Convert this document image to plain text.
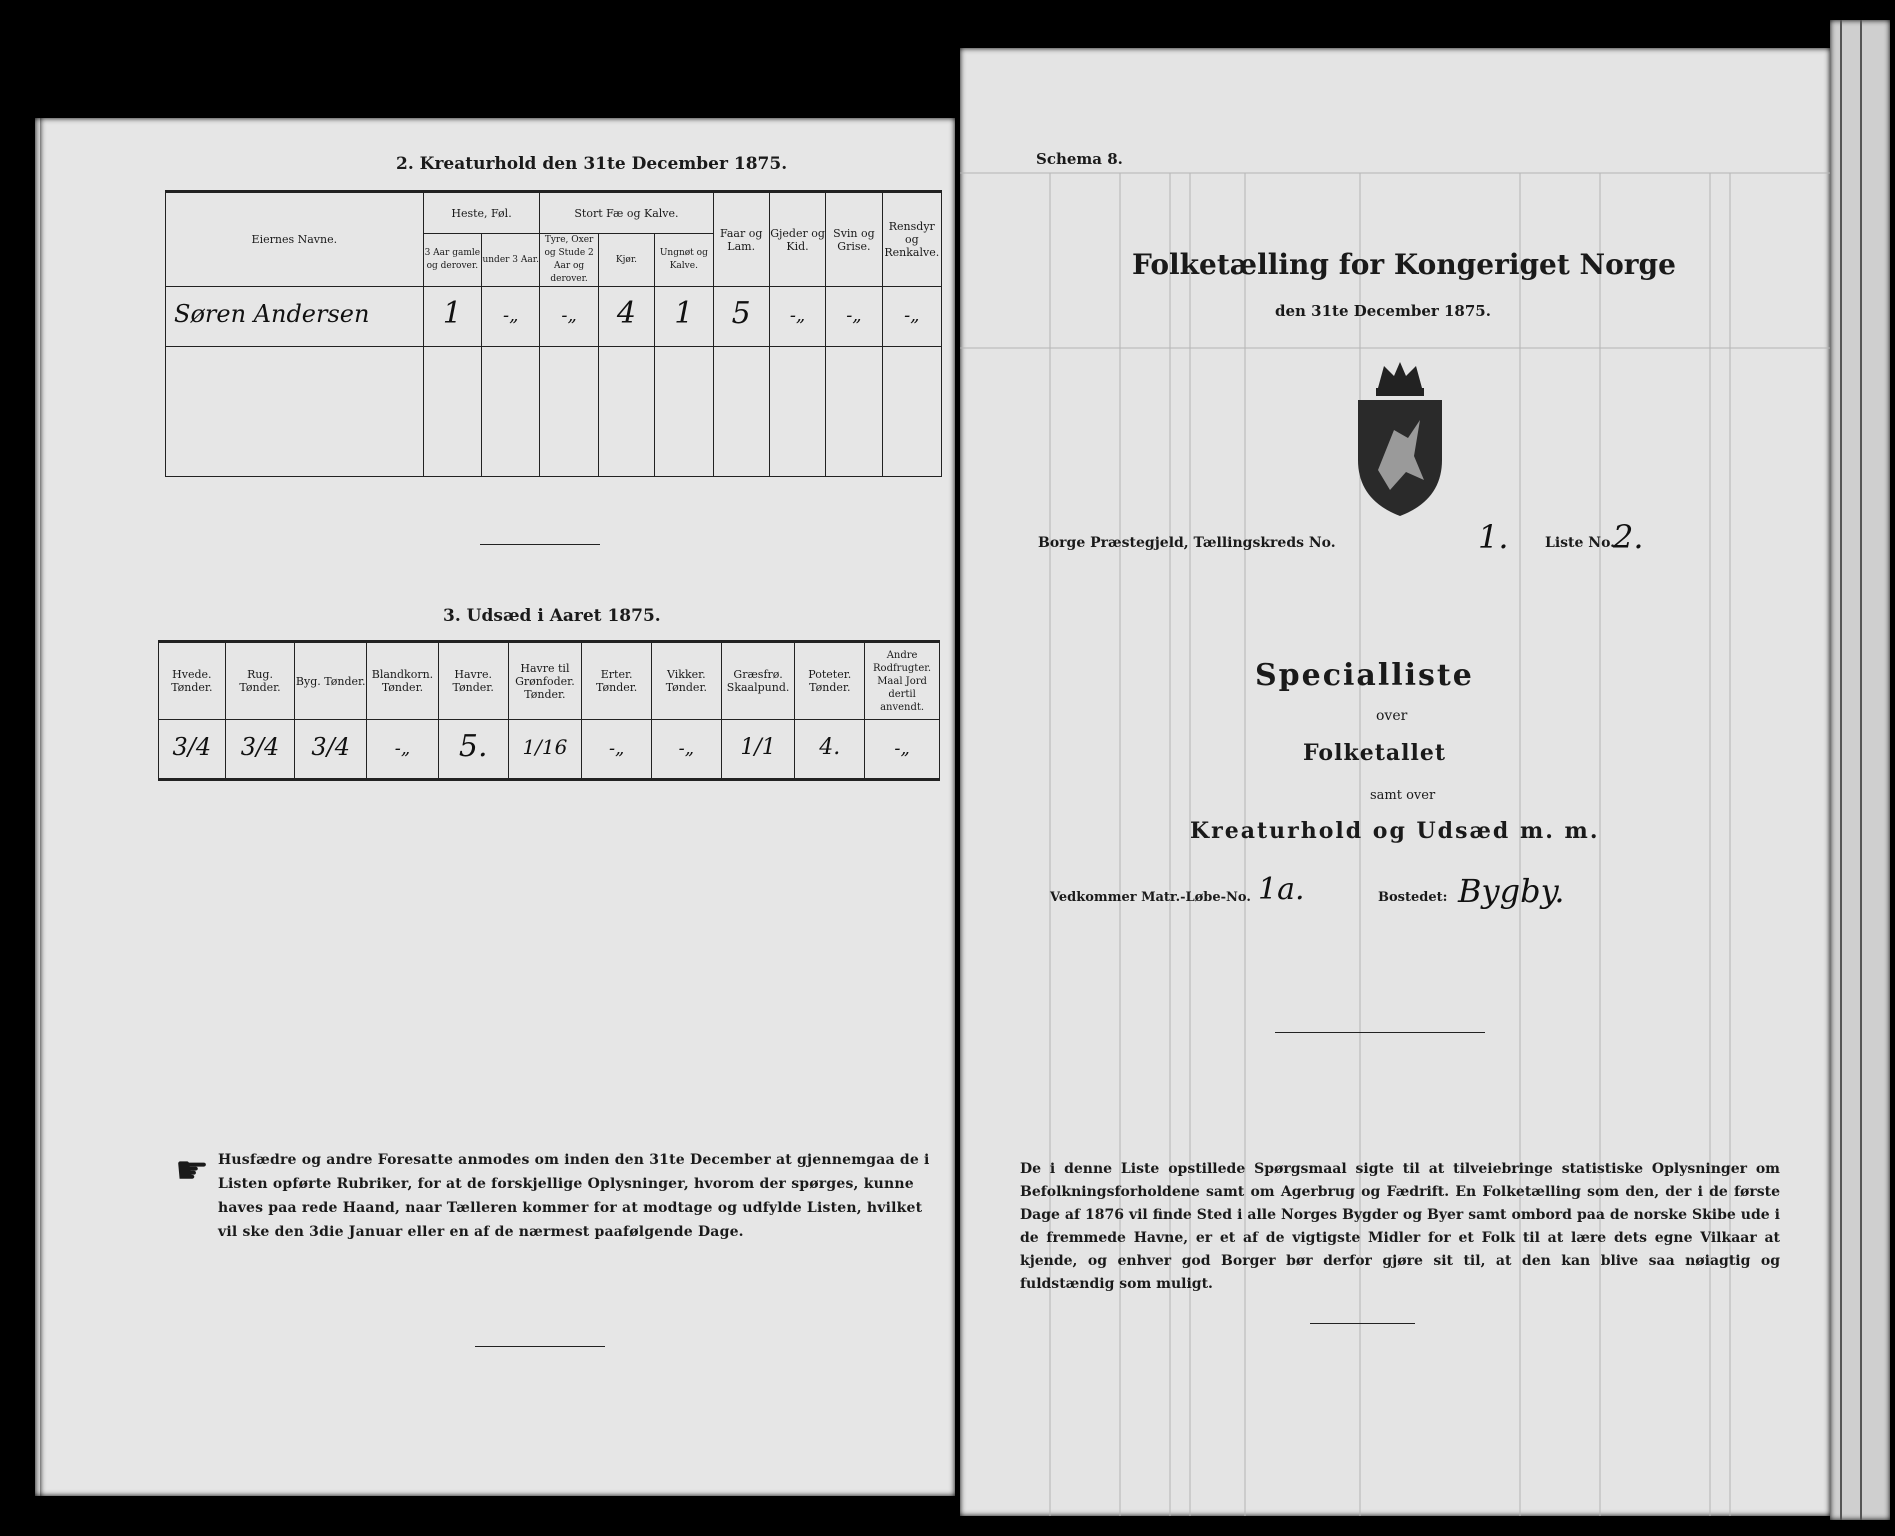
2. Kreaturhold den 31te December 1875.
3. Udsæd i Aaret 1875.
Eiernes Navne.	Heste, Føl.		Stort Fæ og Kalve.			Faar og Lam.	Gjeder og Kid.	Svin og Grise.	Rensdyr og Renkalve.
	3 Aar gamle og derover.	under 3 Aar.	Tyre, Oxer og Stude 2 Aar og derover.	Kjør.	Ungnøt og Kalve.				
Søren Andersen	1	-„	-„	4	1	5	-„	-„	-„

Hvede. Tønder.	Rug. Tønder.	Byg. Tønder.	Blandkorn. Tønder.	Havre. Tønder.	Havre til Grønfoder. Tønder.	Erter. Tønder.	Vikker. Tønder.	Græsfrø. Skaalpund.	Poteter. Tønder.	Andre Rodfrugter. Maal Jord dertil anvendt.
3/4	3/4	3/4	-„	5.	1/16	-„	-„	1/1	4.	-„
☛ Husfædre og andre Foresatte anmodes om inden den 31te December at gjennemgaa de i Listen opførte Rubriker, for at de forskjellige Oplysninger, hvorom der spørges, kunne haves paa rede Haand, naar Tælleren kommer for at modtage og udfylde Listen, hvilket vil ske den 3die Januar eller en af de nærmest paafølgende Dage.
Schema 8.
Folketælling for Kongeriget Norge
den 31te December 1875.
Borge Præstegjeld, Tællingskreds No.	1.	Liste No.
2.
Specialliste
over
Folketallet
samt over
Kreaturhold og Udsæd m. m.
Vedkommer Matr.-Løbe-No. 1a.	Bostedet: Bygby.
De i denne Liste opstillede Spørgsmaal sigte til at tilveiebringe statistiske Oplysninger om Befolkningsforholdene samt om Agerbrug og Fædrift. En Folketælling som den, der i de første Dage af 1876 vil finde Sted i alle Norges Bygder og Byer samt ombord paa de norske Skibe ude i de fremmede Havne, er et af de vigtigste Midler for et Folk til at lære dets egne Vilkaar at kjende, og enhver god Borger bør derfor gjøre sit til, at den kan blive saa nøiagtig og fuldstændig som muligt.
